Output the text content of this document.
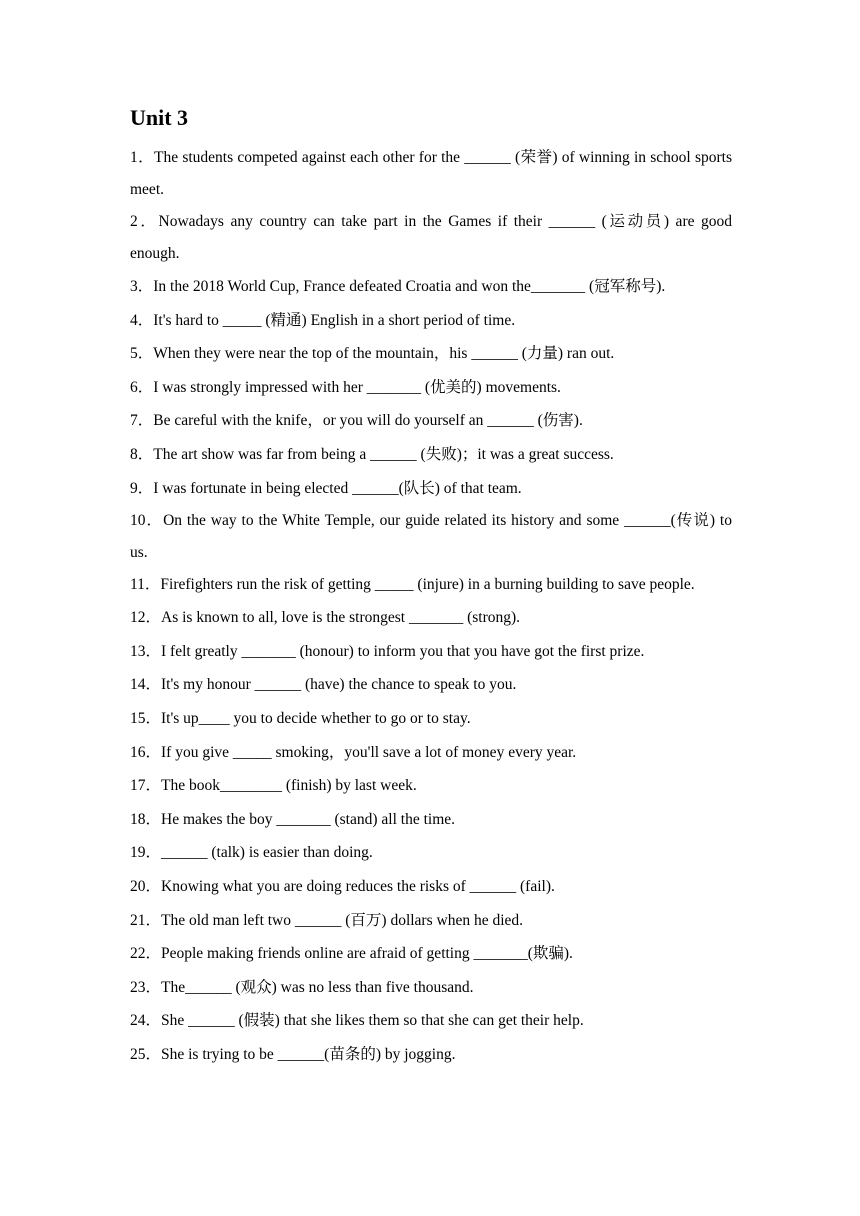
Unit 3
1．The students competed against each other for the ______ (荣誉) of winning in school sports meet.
2．Nowadays any country can take part in the Games if their ______ (运动员) are good enough.
3．In the 2018 World Cup, France defeated Croatia and won the_______ (冠军称号).
4．It's hard to _____ (精通) English in a short period of time.
5．When they were near the top of the mountain，his ______ (力量) ran out.
6．I was strongly impressed with her _______ (优美的) movements.
7．Be careful with the knife，or you will do yourself an ______ (伤害).
8．The art show was far from being a ______ (失败)；it was a great success.
9．I was fortunate in being elected ______(队长) of that team.
10．On the way to the White Temple, our guide related its history and some ______(传说) to us.
11．Firefighters run the risk of getting _____ (injure) in a burning building to save people.
12．As is known to all, love is the strongest _______ (strong).
13．I felt greatly _______ (honour) to inform you that you have got the first prize.
14．It's my honour ______ (have) the chance to speak to you.
15．It's up____ you to decide whether to go or to stay.
16．If you give _____ smoking，you'll save a lot of money every year.
17．The book________ (finish) by last week.
18．He makes the boy _______ (stand) all the time.
19．______ (talk) is easier than doing.
20．Knowing what you are doing reduces the risks of ______ (fail).
21．The old man left two ______ (百万) dollars when he died.
22．People making friends online are afraid of getting _______(欺骗).
23．The______ (观众) was no less than five thousand.
24．She ______ (假装) that she likes them so that she can get their help.
25．She is trying to be ______(苗条的) by jogging.
